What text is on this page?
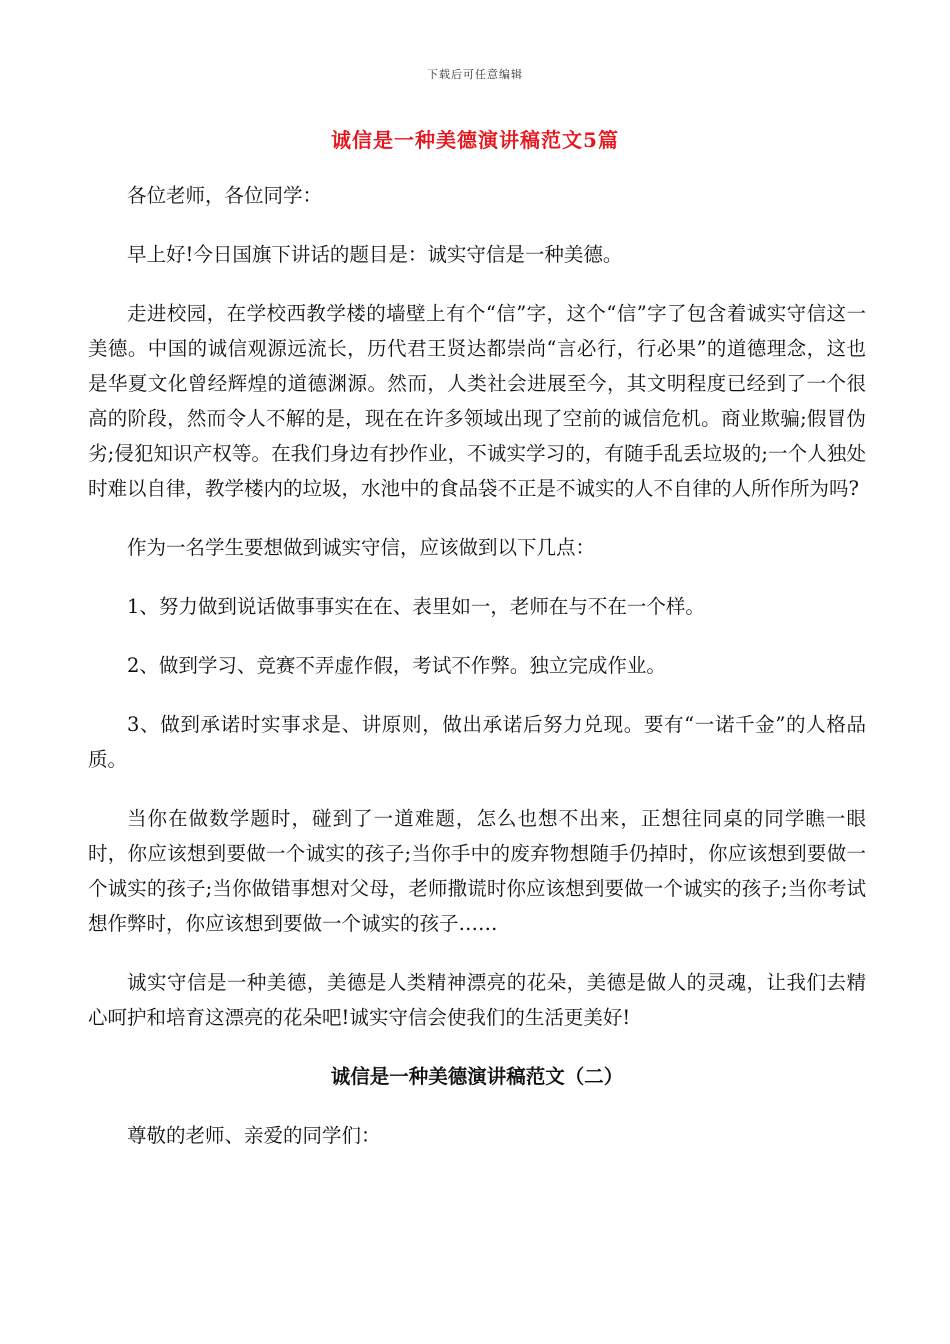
下载后可任意编辑
诚信是一种美德演讲稿范文5篇

各位老师，各位同学：

早上好!今日国旗下讲话的题目是：诚实守信是一种美德。

走进校园，在学校西教学楼的墙壁上有个“信”字，这个“信”字了包含着诚实守信这一美德。中国的诚信观源远流长，历代君王贤达都崇尚“言必行，行必果”的道德理念，这也是华夏文化曾经辉煌的道德渊源。然而，人类社会进展至今，其文明程度已经到了一个很高的阶段，然而令人不解的是，现在在许多领域出现了空前的诚信危机。商业欺骗;假冒伪劣;侵犯知识产权等。在我们身边有抄作业，不诚实学习的，有随手乱丢垃圾的;一个人独处时难以自律，教学楼内的垃圾，水池中的食品袋不正是不诚实的人不自律的人所作所为吗?

作为一名学生要想做到诚实守信，应该做到以下几点：

1、努力做到说话做事事实在在、表里如一，老师在与不在一个样。

2、做到学习、竞赛不弄虚作假，考试不作弊。独立完成作业。

3、做到承诺时实事求是、讲原则，做出承诺后努力兑现。要有“一诺千金”的人格品质。

当你在做数学题时，碰到了一道难题，怎么也想不出来，正想往同桌的同学瞧一眼时，你应该想到要做一个诚实的孩子;当你手中的废弃物想随手仍掉时，你应该想到要做一个诚实的孩子;当你做错事想对父母，老师撒谎时你应该想到要做一个诚实的孩子;当你考试想作弊时，你应该想到要做一个诚实的孩子……

诚实守信是一种美德，美德是人类精神漂亮的花朵，美德是做人的灵魂，让我们去精心呵护和培育这漂亮的花朵吧!诚实守信会使我们的生活更美好!

诚信是一种美德演讲稿范文（二）

尊敬的老师、亲爱的同学们：
